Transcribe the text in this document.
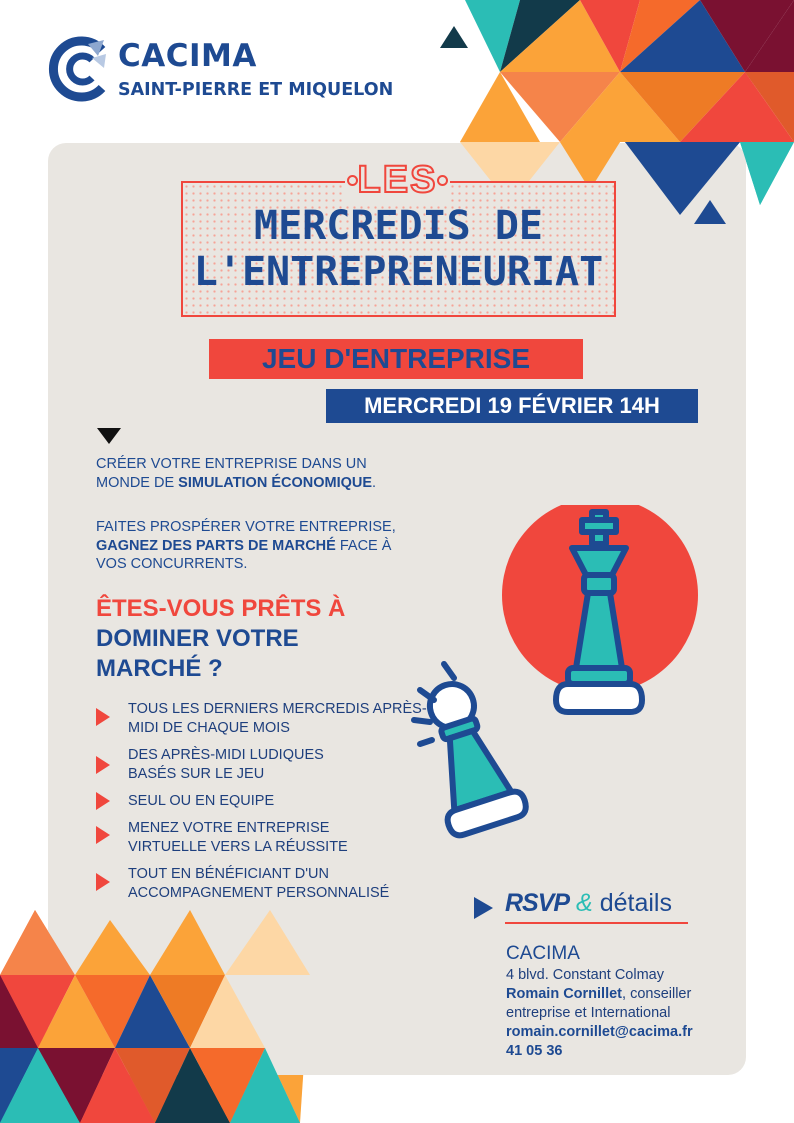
CACIMA
SAINT-PIERRE ET MIQUELON
LES
MERCREDIS DE
L'ENTREPRENEURIAT
JEU D'ENTREPRISE
MERCREDI 19 FÉVRIER 14H
CRÉER VOTRE ENTREPRISE DANS UN MONDE DE SIMULATION ÉCONOMIQUE.
FAITES PROSPÉRER VOTRE ENTREPRISE, GAGNEZ DES PARTS DE MARCHÉ FACE À VOS CONCURRENTS.
ÊTES-VOUS PRÊTS À
DOMINER VOTRE MARCHÉ ?
TOUS LES DERNIERS MERCREDIS APRÈS-MIDI DE CHAQUE MOIS
DES APRÈS-MIDI LUDIQUES BASÉS SUR LE JEU
SEUL OU EN EQUIPE
MENEZ VOTRE ENTREPRISE VIRTUELLE VERS LA RÉUSSITE
TOUT EN BÉNÉFICIANT D'UN ACCOMPAGNEMENT PERSONNALISÉ	RSVP & détails
CACIMA
4 blvd. Constant Colmay
Romain Cornillet, conseiller
entreprise et International
romain.cornillet@cacima.fr
41 05 36
